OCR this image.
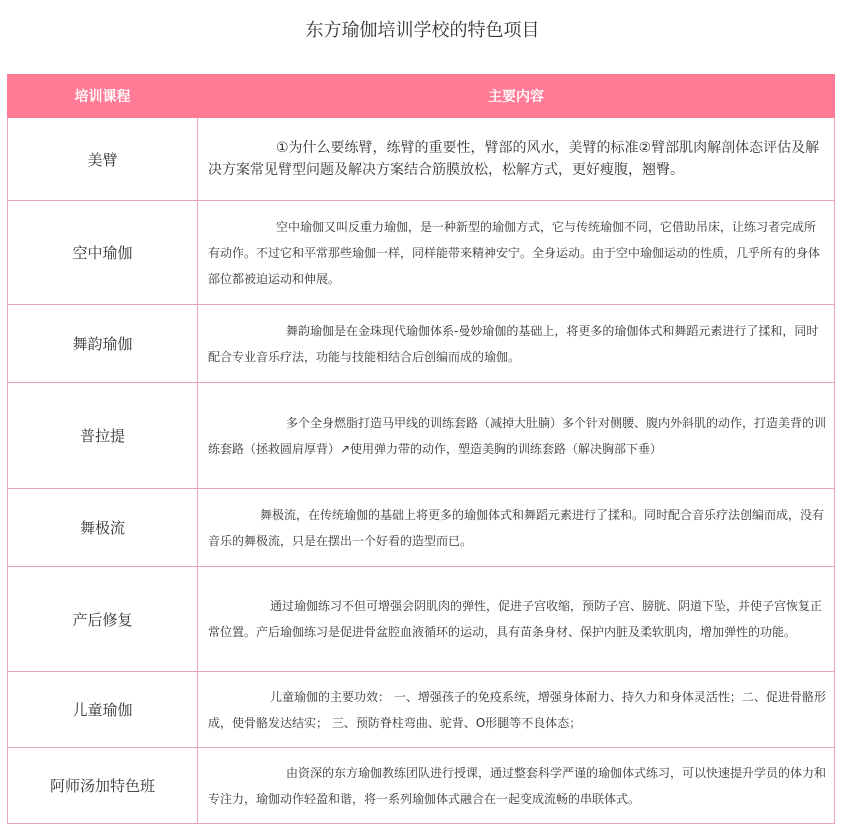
东方瑜伽培训学校的特色项目
培训课程	主要内容
美臂	①为什么要练臂，练臂的重要性，臂部的风水，美臂的标准②臂部肌肉解剖体态评估及解决方案常见臂型问题及解决方案结合筋膜放松，松解方式，更好瘦腹，翘臀。
空中瑜伽	空中瑜伽又叫反重力瑜伽，是一种新型的瑜伽方式，它与传统瑜伽不同，它借助吊床，让练习者完成所有动作。不过它和平常那些瑜伽一样，同样能带来精神安宁。全身运动。由于空中瑜伽运动的性质，几乎所有的身体部位都被迫运动和伸展。
舞韵瑜伽	舞韵瑜伽是在金珠现代瑜伽体系-曼妙瑜伽的基础上，将更多的瑜伽体式和舞蹈元素进行了揉和，同时配合专业音乐疗法，功能与技能相结合后创编而成的瑜伽。
普拉提	多个全身燃脂打造马甲线的训练套路（减掉大肚腩）多个针对侧腰、腹内外斜肌的动作，打造美背的训练套路（拯救圆肩厚背）↗使用弹力带的动作，塑造美胸的训练套路（解决胸部下垂）
舞极流	舞极流，在传统瑜伽的基础上将更多的瑜伽体式和舞蹈元素进行了揉和。同时配合音乐疗法创编而成，没有音乐的舞极流，只是在摆出一个好看的造型而已。
产后修复	通过瑜伽练习不但可增强会阴肌肉的弹性，促进子宫收缩，预防子宫、膀胱、阴道下坠，并使子宫恢复正常位置。产后瑜伽练习是促进骨盆腔血液循环的运动，具有苗条身材、保护内脏及柔软肌肉，增加弹性的功能。
儿童瑜伽	儿童瑜伽的主要功效： 一、增强孩子的免疫系统，增强身体耐力、持久力和身体灵活性；二、促进骨骼形成，使骨骼发达结实； 三、预防脊柱弯曲、驼背、O形腿等不良体态；
阿师汤加特色班	由资深的东方瑜伽教练团队进行授课，通过整套科学严谨的瑜伽体式练习，可以快速提升学员的体力和专注力，瑜伽动作轻盈和谐，将一系列瑜伽体式融合在一起变成流畅的串联体式。
